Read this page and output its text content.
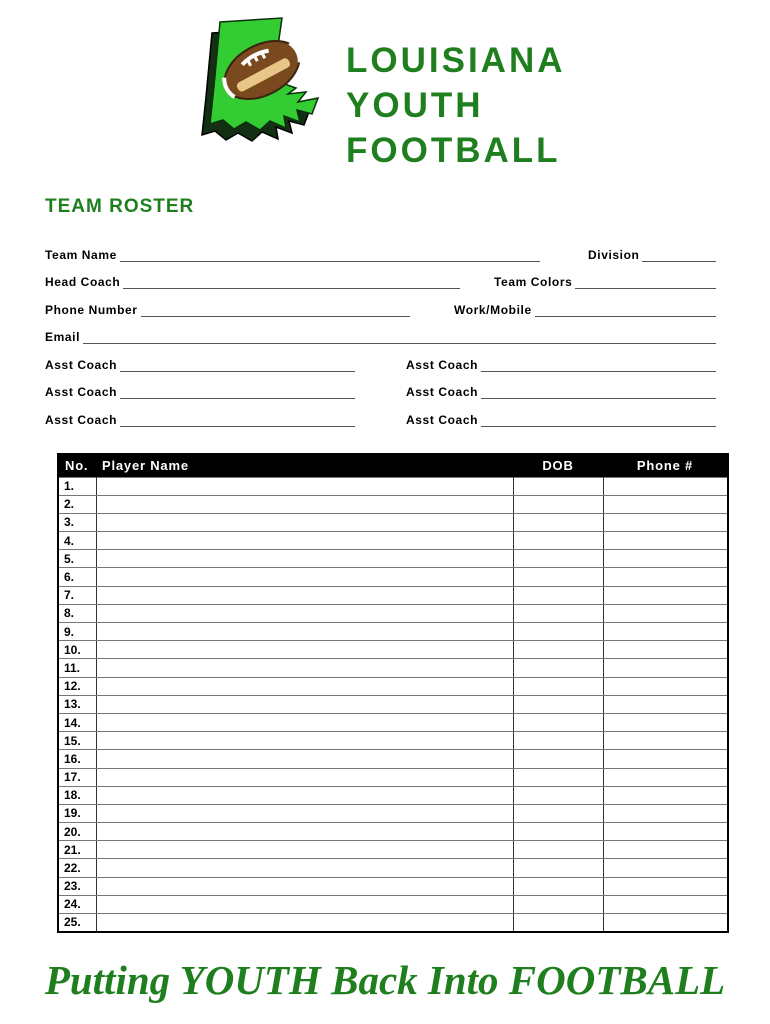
LOUISIANA
YOUTH
FOOTBALL
TEAM ROSTER
Team Name	Division
Head Coach	Team Colors
Phone Number	Work/Mobile
Email
Asst Coach	Asst Coach
Asst Coach	Asst Coach
Asst Coach	Asst Coach
No.	Player Name	DOB	Phone #
1.			
2.			
3.			
4.			
5.			
6.			
7.			
8.			
9.			
10.			
11.			
12.			
13.			
14.			
15.			
16.			
17.			
18.			
19.			
20.			
21.			
22.			
23.			
24.			
25.			
Putting YOUTH Back Into FOOTBALL
